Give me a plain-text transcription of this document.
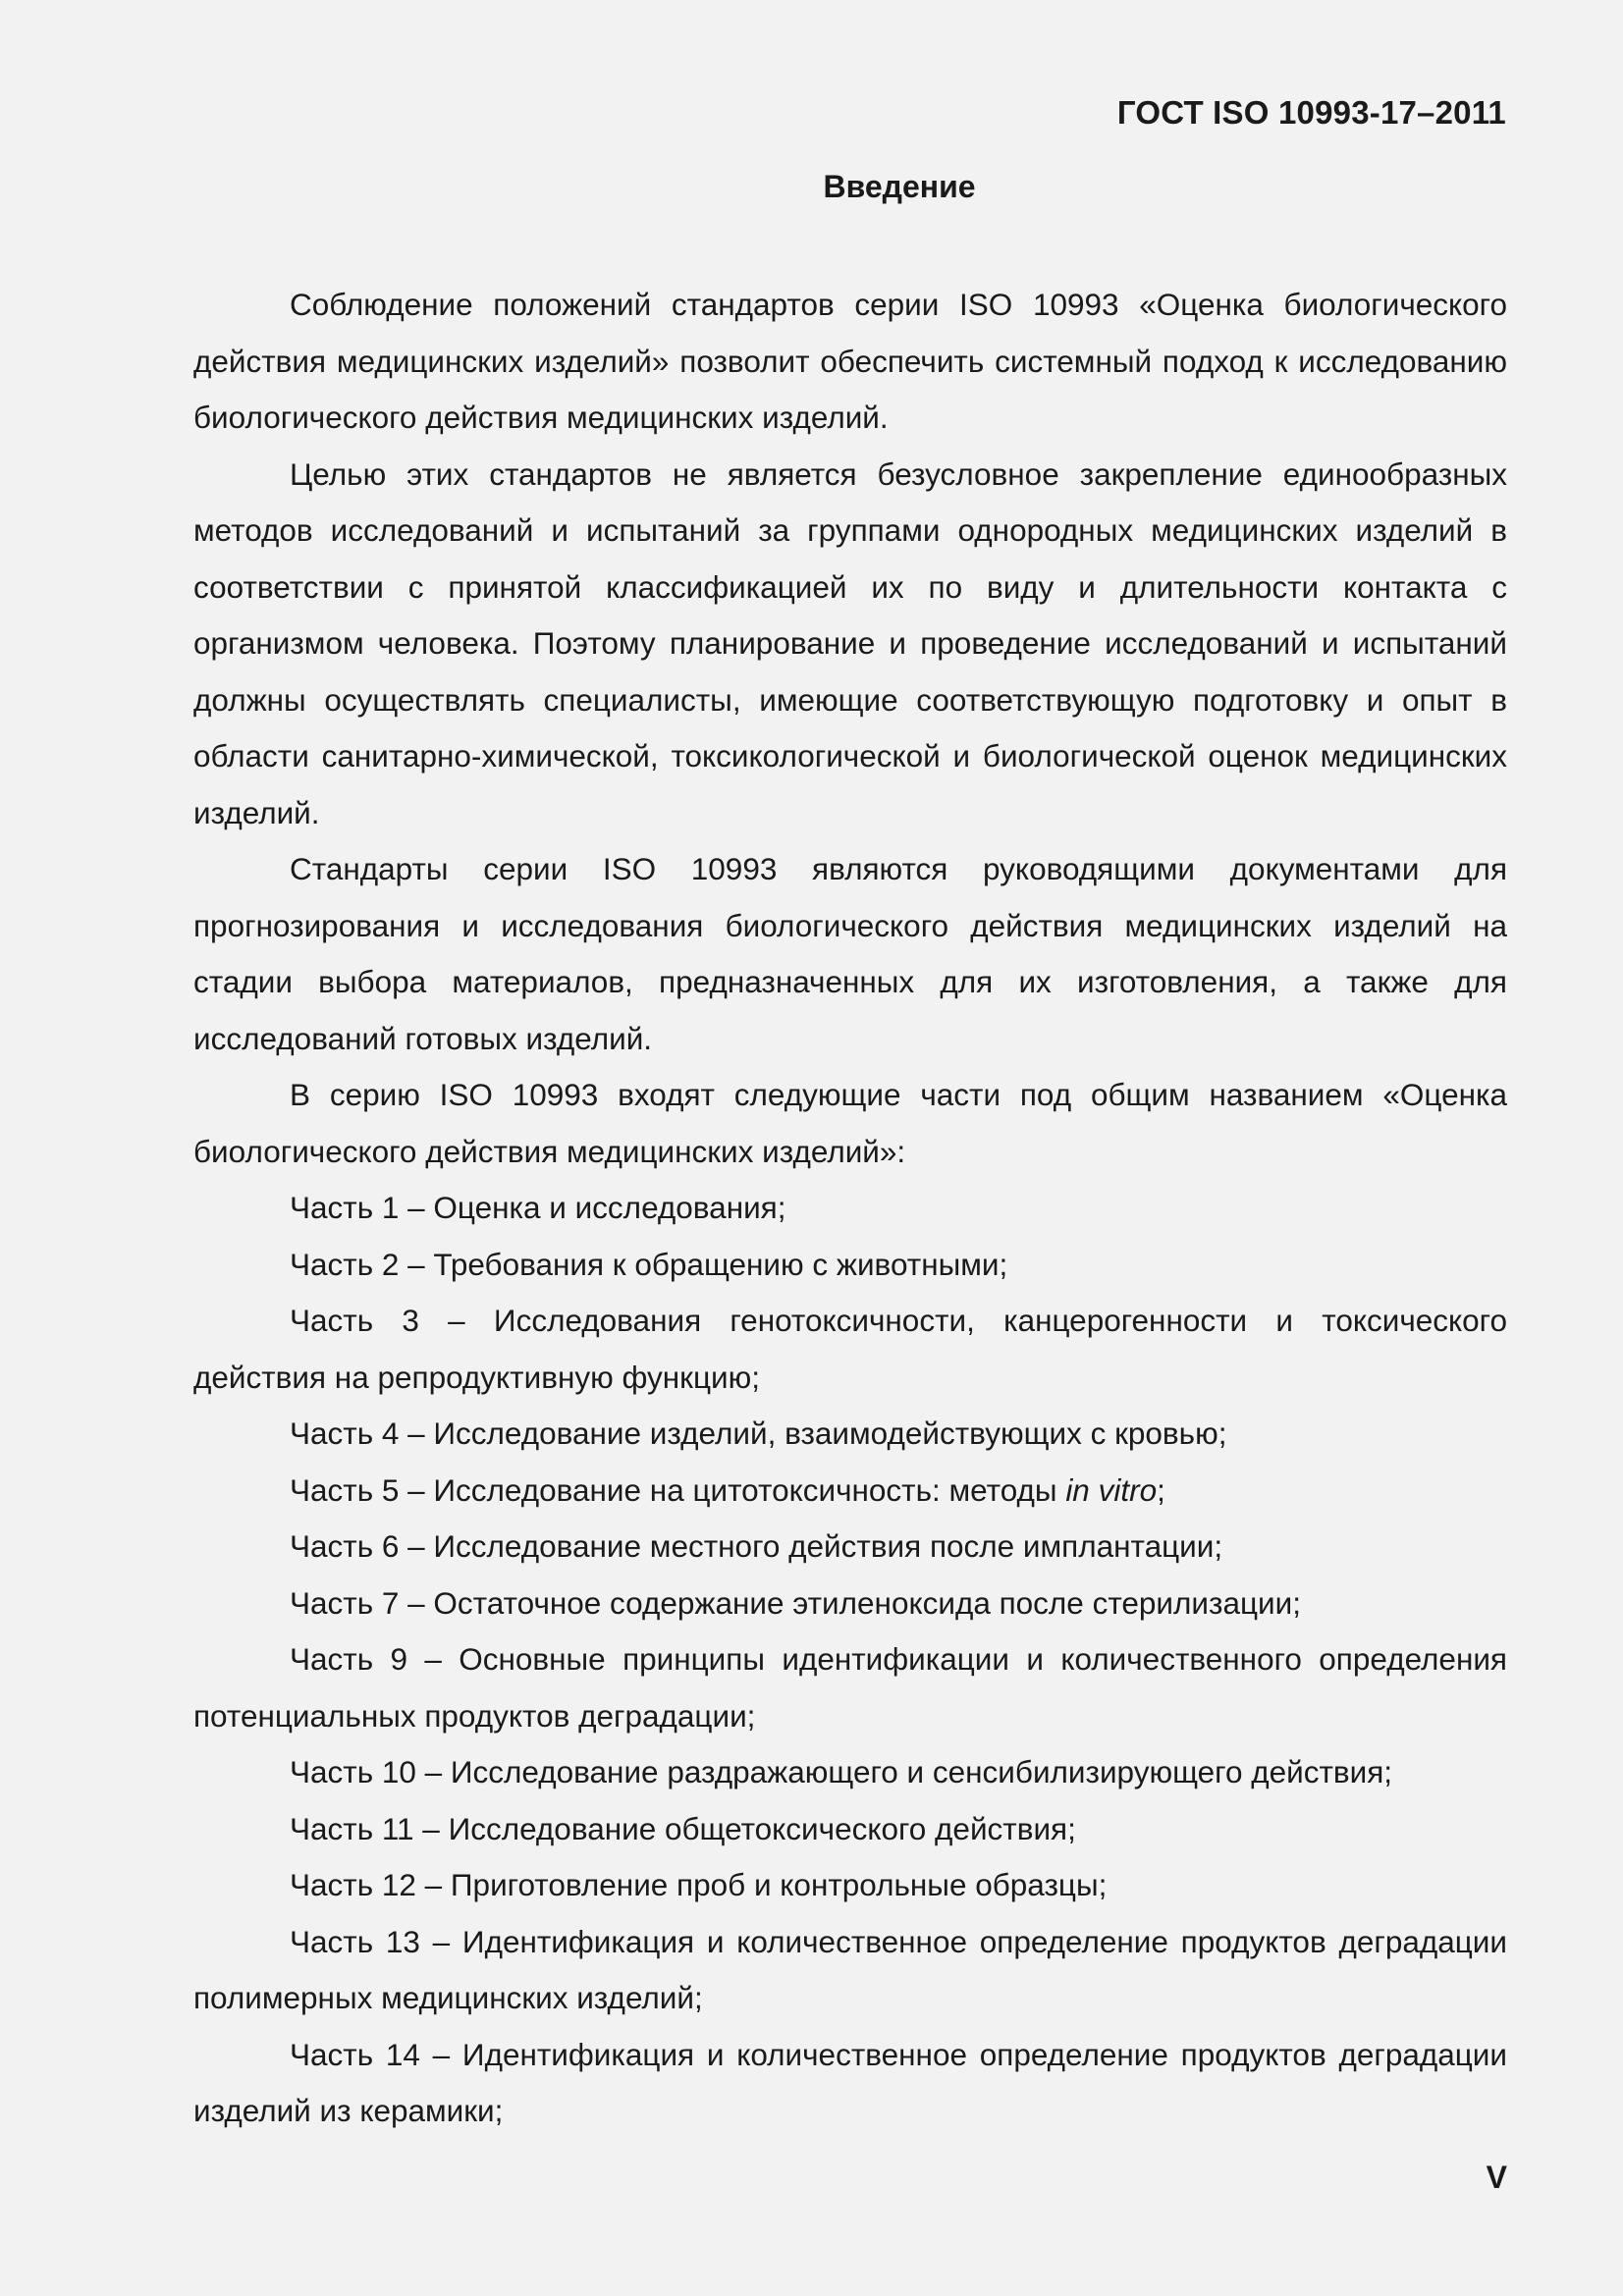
ГОСТ ISO 10993-17–2011
Введение

Соблюдение положений стандартов серии ISO 10993 «Оценка биологического действия медицинских изделий» позволит обеспечить системный подход к исследованию биологического действия медицинских изделий.

Целью этих стандартов не является безусловное закрепление единообразных методов исследований и испытаний за группами однородных медицинских изделий в соответствии с принятой классификацией их по виду и длительности контакта с организмом человека. Поэтому планирование и проведение исследований и испытаний должны осуществлять специалисты, имеющие соответствующую подготовку и опыт в области санитарно-химической, токсикологической и биологической оценок медицинских изделий.

Стандарты серии ISO 10993 являются руководящими документами для прогнозирования и исследования биологического действия медицинских изделий на стадии выбора материалов, предназначенных для их изготовления, а также для исследований готовых изделий.

В серию ISO 10993 входят следующие части под общим названием «Оценка биологического действия медицинских изделий»:

Часть 1 – Оценка и исследования;

Часть 2 – Требования к обращению с животными;

Часть 3 – Исследования генотоксичности, канцерогенности и токсического действия на репродуктивную функцию;

Часть 4 – Исследование изделий, взаимодействующих с кровью;

Часть 5 – Исследование на цитотоксичность: методы in vitro;

Часть 6 – Исследование местного действия после имплантации;

Часть 7 – Остаточное содержание этиленоксида после стерилизации;

Часть 9 – Основные принципы идентификации и количественного определения потенциальных продуктов деградации;

Часть 10 – Исследование раздражающего и сенсибилизирующего действия;

Часть 11 – Исследование общетоксического действия;

Часть 12 – Приготовление проб и контрольные образцы;

Часть 13 – Идентификация и количественное определение продуктов деградации полимерных медицинских изделий;

Часть 14 – Идентификация и количественное определение продуктов деградации изделий из керамики;

V
